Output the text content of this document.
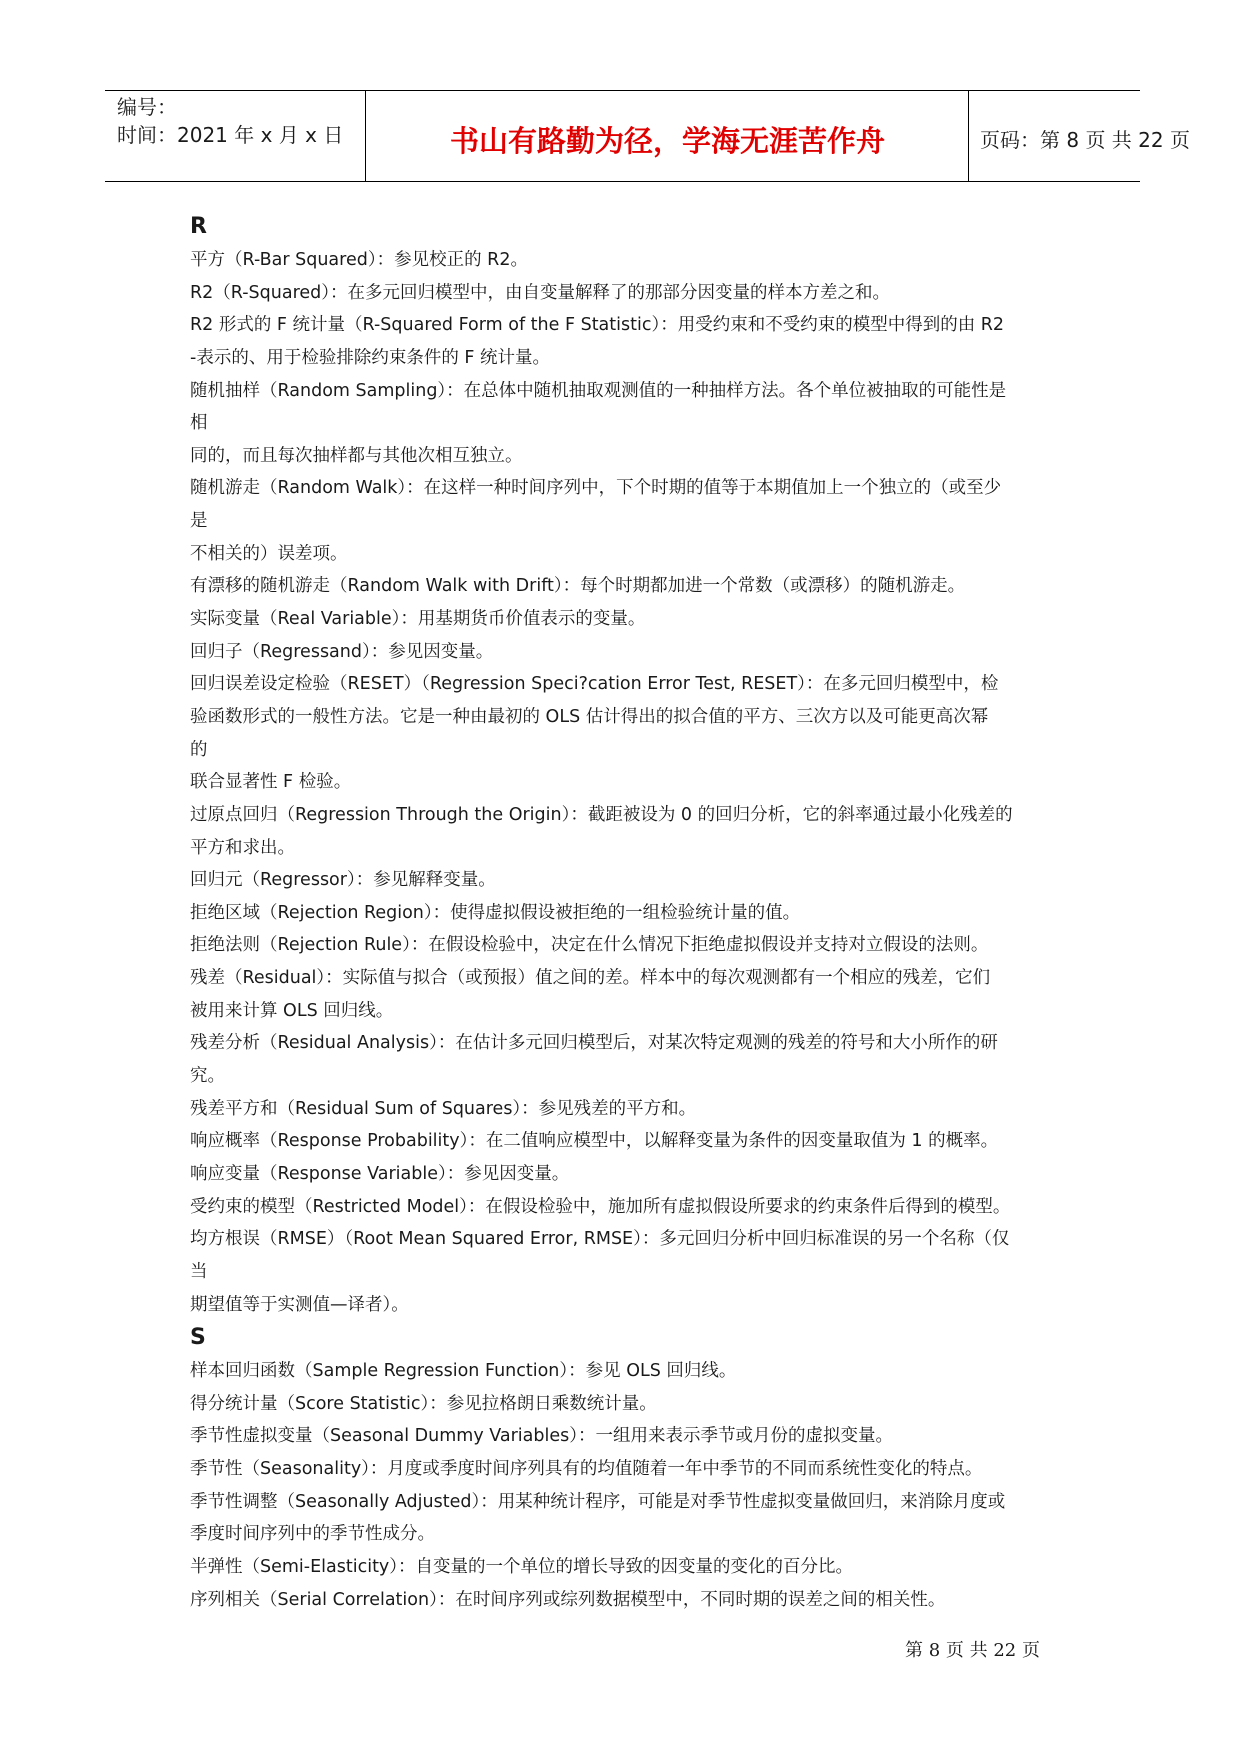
编号：
时间：2021 年 x 月 x 日	书山有路勤为径，学海无涯苦作舟	页码：第 8 页 共 22 页
R
平方（R-Bar Squared）：参见校正的 R2。
R2（R-Squared）：在多元回归模型中，由自变量解释了的那部分因变量的样本方差之和。
R2 形式的 F 统计量（R-Squared Form of the F Statistic）：用受约束和不受约束的模型中得到的由 R2
-表示的、用于检验排除约束条件的 F 统计量。
随机抽样（Random Sampling）：在总体中随机抽取观测值的一种抽样方法。各个单位被抽取的可能性是
相
同的，而且每次抽样都与其他次相互独立。
随机游走（Random Walk）：在这样一种时间序列中，下个时期的值等于本期值加上一个独立的（或至少
是
不相关的）误差项。
有漂移的随机游走（Random Walk with Drift）：每个时期都加进一个常数（或漂移）的随机游走。
实际变量（Real Variable）：用基期货币价值表示的变量。
回归子（Regressand）：参见因变量。
回归误差设定检验（RESET）（Regression Speci?cation Error Test, RESET）：在多元回归模型中，检
验函数形式的一般性方法。它是一种由最初的 OLS 估计得出的拟合值的平方、三次方以及可能更高次幂
的
联合显著性 F 检验。
过原点回归（Regression Through the Origin）：截距被设为 0 的回归分析，它的斜率通过最小化残差的
平方和求出。
回归元（Regressor）：参见解释变量。
拒绝区域（Rejection Region）：使得虚拟假设被拒绝的一组检验统计量的值。
拒绝法则（Rejection Rule）：在假设检验中，决定在什么情况下拒绝虚拟假设并支持对立假设的法则。
残差（Residual）：实际值与拟合（或预报）值之间的差。样本中的每次观测都有一个相应的残差，它们
被用来计算 OLS 回归线。
残差分析（Residual Analysis）：在估计多元回归模型后，对某次特定观测的残差的符号和大小所作的研
究。
残差平方和（Residual Sum of Squares）：参见残差的平方和。
响应概率（Response Probability）：在二值响应模型中，以解释变量为条件的因变量取值为 1 的概率。
响应变量（Response Variable）：参见因变量。
受约束的模型（Restricted Model）：在假设检验中，施加所有虚拟假设所要求的约束条件后得到的模型。
均方根误（RMSE）（Root Mean Squared Error, RMSE）：多元回归分析中回归标准误的另一个名称（仅
当
期望值等于实测值—译者）。
S
样本回归函数（Sample Regression Function）：参见 OLS 回归线。
得分统计量（Score Statistic）：参见拉格朗日乘数统计量。
季节性虚拟变量（Seasonal Dummy Variables）：一组用来表示季节或月份的虚拟变量。
季节性（Seasonality）：月度或季度时间序列具有的均值随着一年中季节的不同而系统性变化的特点。
季节性调整（Seasonally Adjusted）：用某种统计程序，可能是对季节性虚拟变量做回归，来消除月度或
季度时间序列中的季节性成分。
半弹性（Semi-Elasticity）：自变量的一个单位的增长导致的因变量的变化的百分比。
序列相关（Serial Correlation）：在时间序列或综列数据模型中，不同时期的误差之间的相关性。
第 8 页 共 22 页
